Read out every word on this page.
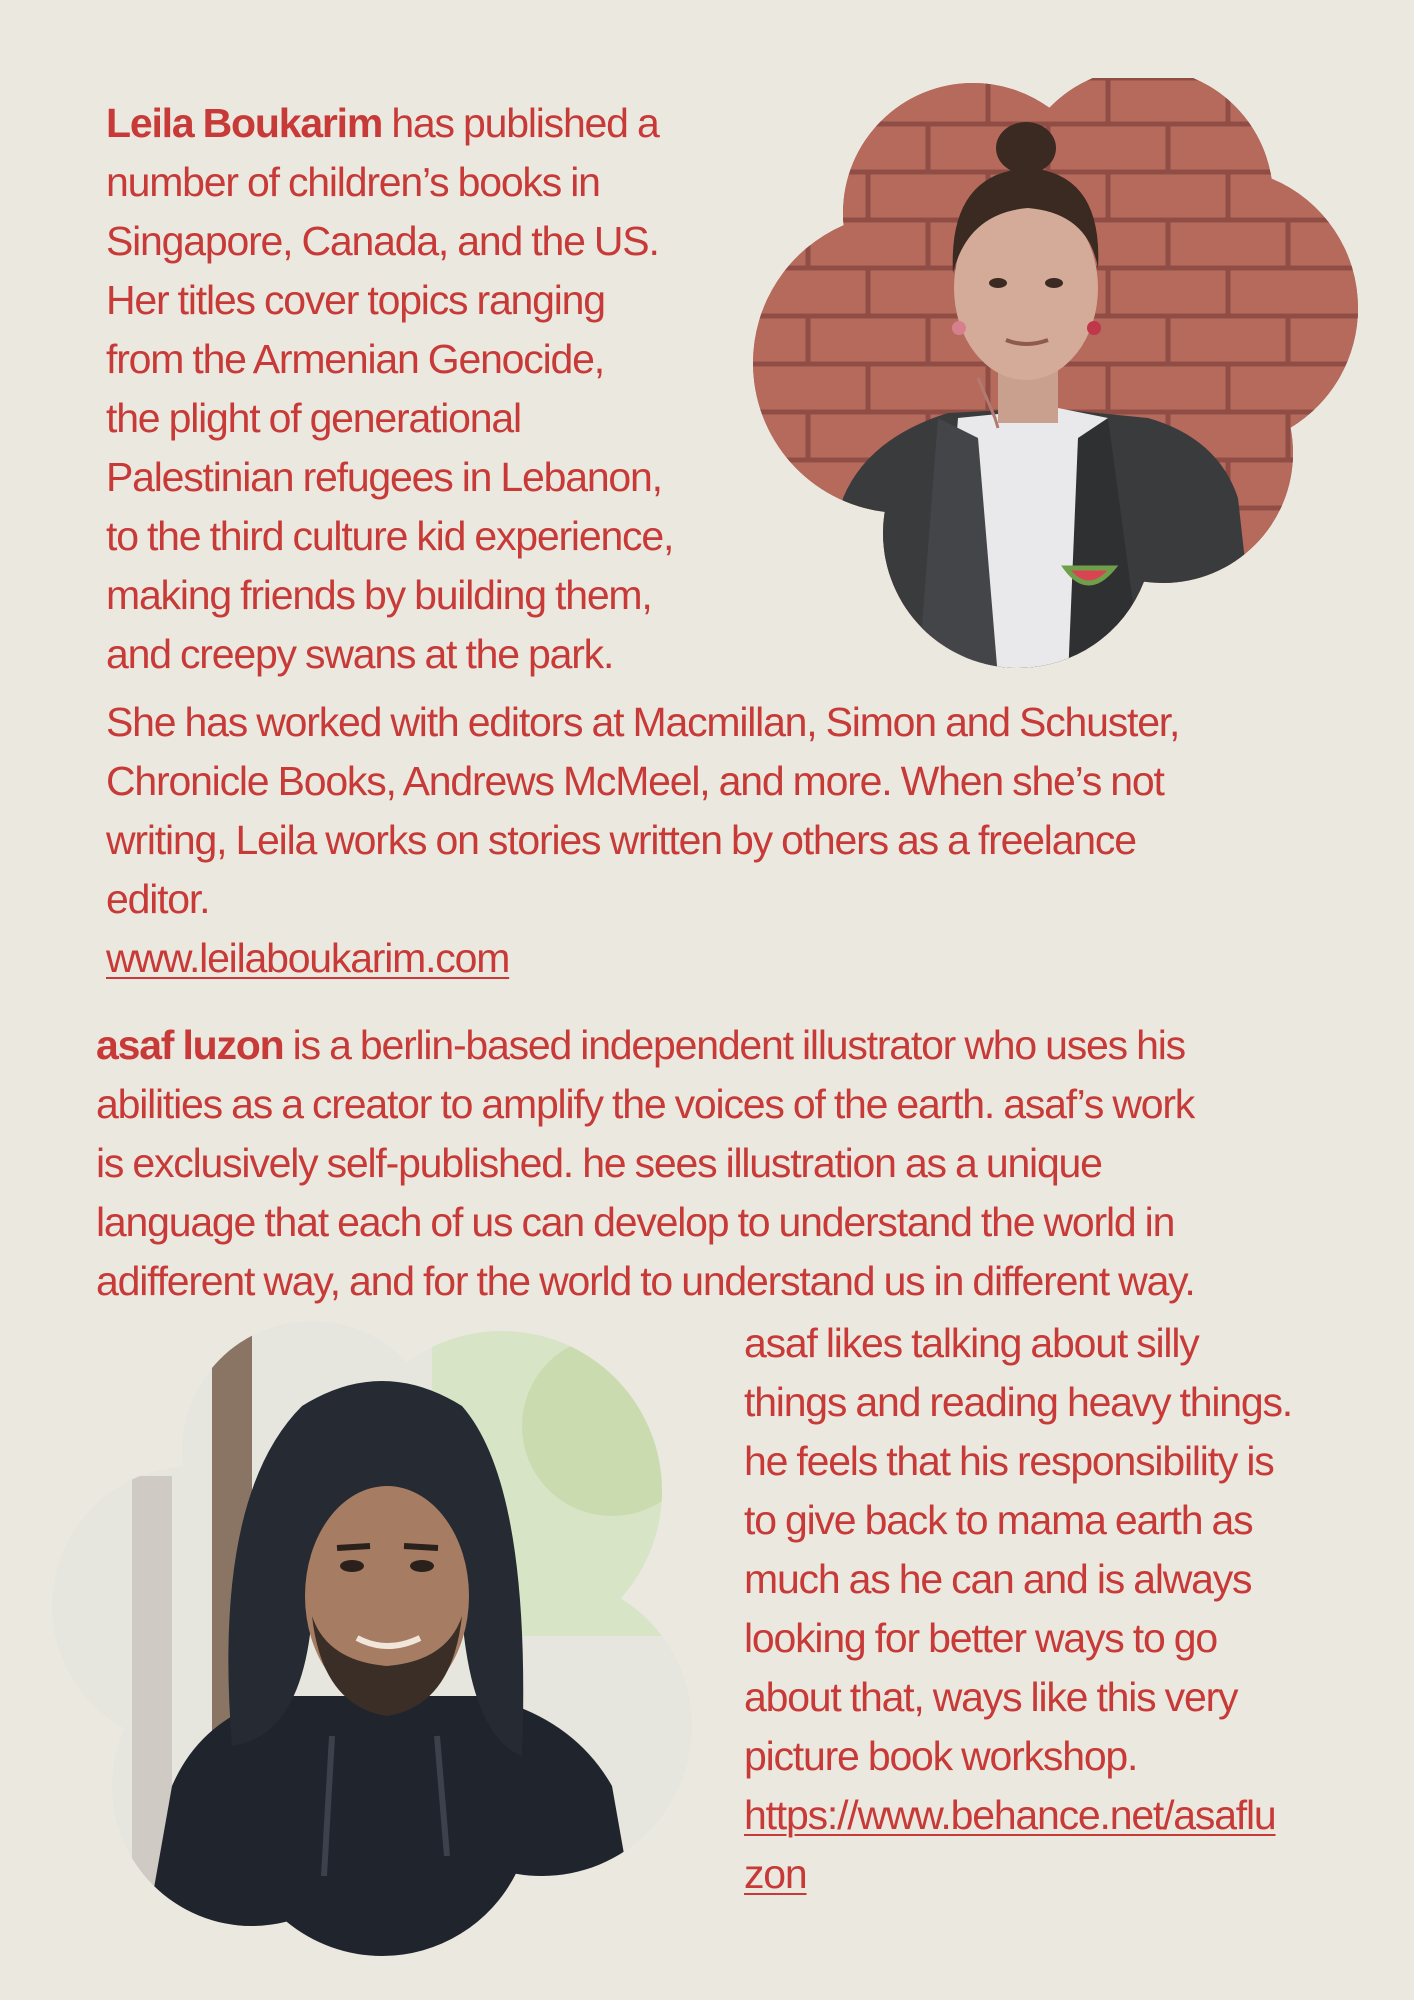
Leila Boukarim has published a
number of children’s books in
Singapore, Canada, and the US.
Her titles cover topics ranging
from the Armenian Genocide,
the plight of generational
Palestinian refugees in Lebanon,
to the third culture kid experience,
making friends by building them,
and creepy swans at the park.
She has worked with editors at Macmillan, Simon and Schuster,
Chronicle Books, Andrews McMeel, and more. When she’s not
writing, Leila works on stories written by others as a freelance
editor.
www.leilaboukarim.com
asaf luzon is a berlin-based independent illustrator who uses his
abilities as a creator to amplify the voices of the earth. asaf’s work
is exclusively self-published. he sees illustration as a unique
language that each of us can develop to understand the world in
adifferent way, and for the world to understand us in different way.
asaf likes talking about silly
things and reading heavy things.
he feels that his responsibility is
to give back to mama earth as
much as he can and is always
looking for better ways to go
about that, ways like this very
picture book workshop.
https://www.behance.net/asaflu
zon
